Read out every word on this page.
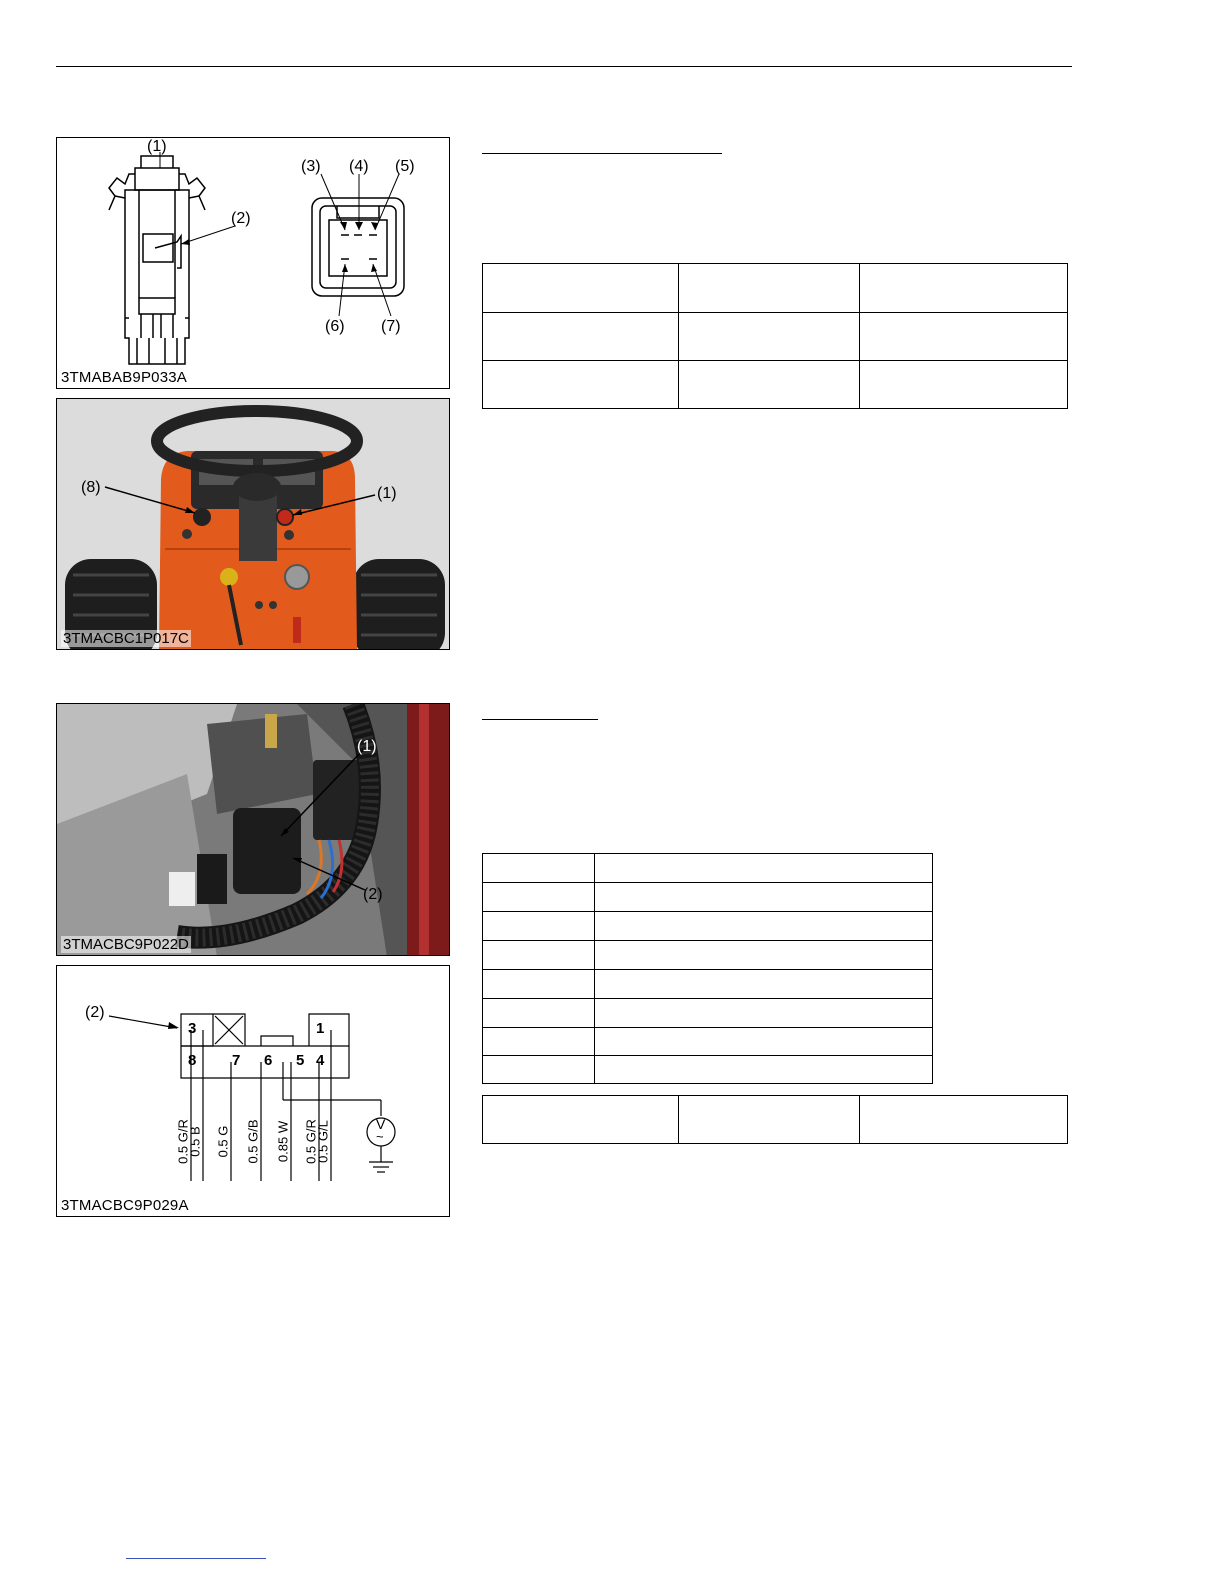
(1)
(2)
(3) (4) (5)
(6) (7)
3TMABAB9P033A
(8)	(1)
3TMACBC1P017C

(1)
(2)
3TMACBC9P022D
(2)
3	1
8 7 6 5 4
0.5 G/R
0.5 B 0.5 G 0.5 G/B 0.85 W 0.5 G/R
0.5 G/L	V
~
3TMACBC9P029A
